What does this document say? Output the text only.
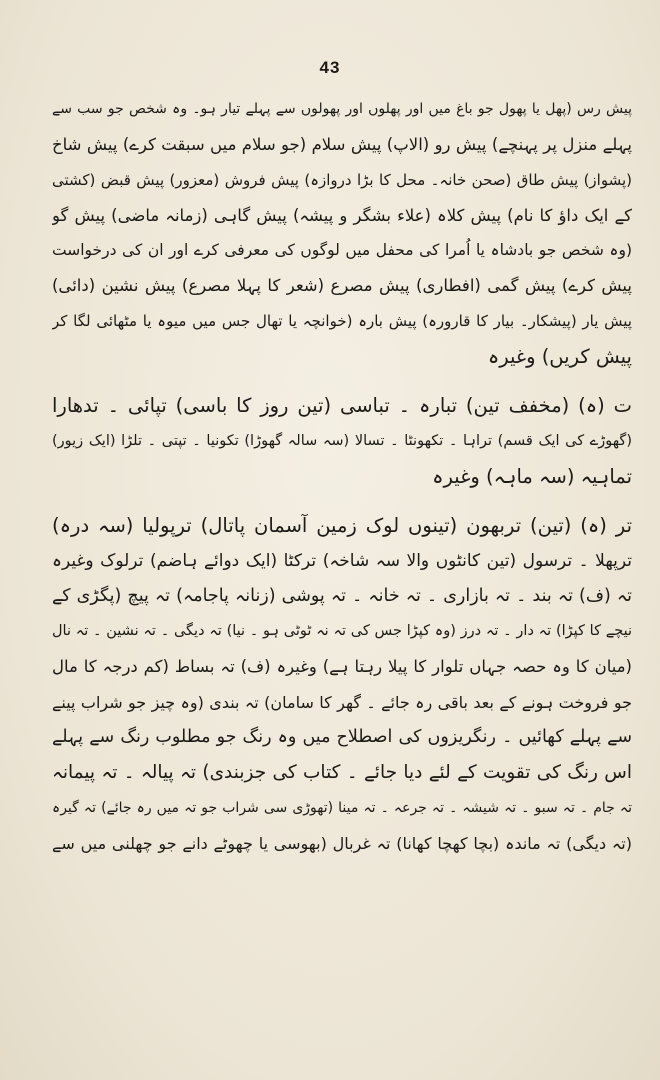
43
پیش رس (پھل یا پھول جو باغ میں اور پھلوں اور پھولوں سے پہلے تیار ہو۔ وہ شخص جو سب سے
پہلے منزل پر پہنچے) پیش رو (الاپ) پیش سلام (جو سلام میں سبقت کرے) پیش شاخ
(پشواز) پیش طاق (صحن خانہ۔ محل کا بڑا دروازہ) پیش فروش (معزور) پیش قبض (کشتی
کے ایک داؤ کا نام) پیش کلاہ (علاء بشگر و پیشہ) پیش گاہی (زمانہ ماضی) پیش گو
(وہ شخص جو بادشاہ یا اُمرا کی محفل میں لوگوں کی معرفی کرے اور ان کی درخواست
پیش کرے) پیش گمی (افطاری) پیش مصرع (شعر کا پہلا مصرع) پیش نشین (دائی)
پیش یار (پیشکار۔ بیار کا قارورہ) پیش بارہ (خوانچہ یا تھال جس میں میوہ یا مٹھائی لگا کر
پیش کریں) وغیرہ
ت (ہ) (مخفف تین) تبارہ ۔ تباسی (تین روز کا باسی) تپائی ۔ تدھارا
(گھوڑے کی ایک قسم) تراہا ۔ تکھونٹا ۔ تسالا (سہ سالہ گھوڑا) تکونیا ۔ تپتی ۔ تلڑا (ایک زیور)
تماہیہ (سہ ماہہ) وغیرہ
تر (ہ) (تین) تربھون (تینوں لوک زمین آسمان پاتال) ترپولیا (سہ درہ)
ترپھلا ۔ ترسول (تین کانٹوں والا سہ شاخہ) ترکٹا (ایک دوائے ہاضم) ترلوک وغیرہ
تہ (ف) تہ بند ۔ تہ بازاری ۔ تہ خانہ ۔ تہ پوشی (زنانہ پاجامہ) تہ پیچ (پگڑی کے
نیچے کا کپڑا) تہ دار ۔ تہ درز (وہ کپڑا جس کی تہ نہ ٹوٹی ہو ۔ نیا) تہ دیگی ۔ تہ نشین ۔ تہ نال
(میان کا وہ حصہ جہاں تلوار کا پیلا رہتا ہے) وغیرہ (ف) تہ بساط (کم درجہ کا مال
جو فروخت ہونے کے بعد باقی رہ جائے ۔ گھر کا سامان) تہ بندی (وہ چیز جو شراب پینے
سے پہلے کھائیں ۔ رنگریزوں کی اصطلاح میں وہ رنگ جو مطلوب رنگ سے پہلے
اس رنگ کی تقویت کے لئے دیا جائے ۔ کتاب کی جزبندی) تہ پیالہ ۔ تہ پیمانہ
تہ جام ۔ تہ سبو ۔ تہ شیشہ ۔ تہ جرعہ ۔ تہ مینا (تھوڑی سی شراب جو تہ میں رہ جائے) تہ گیرہ
(تہ دیگی) تہ ماندہ (بچا کھچا کھانا) تہ غربال (بھوسی یا چھوٹے دانے جو چھلنی میں سے
